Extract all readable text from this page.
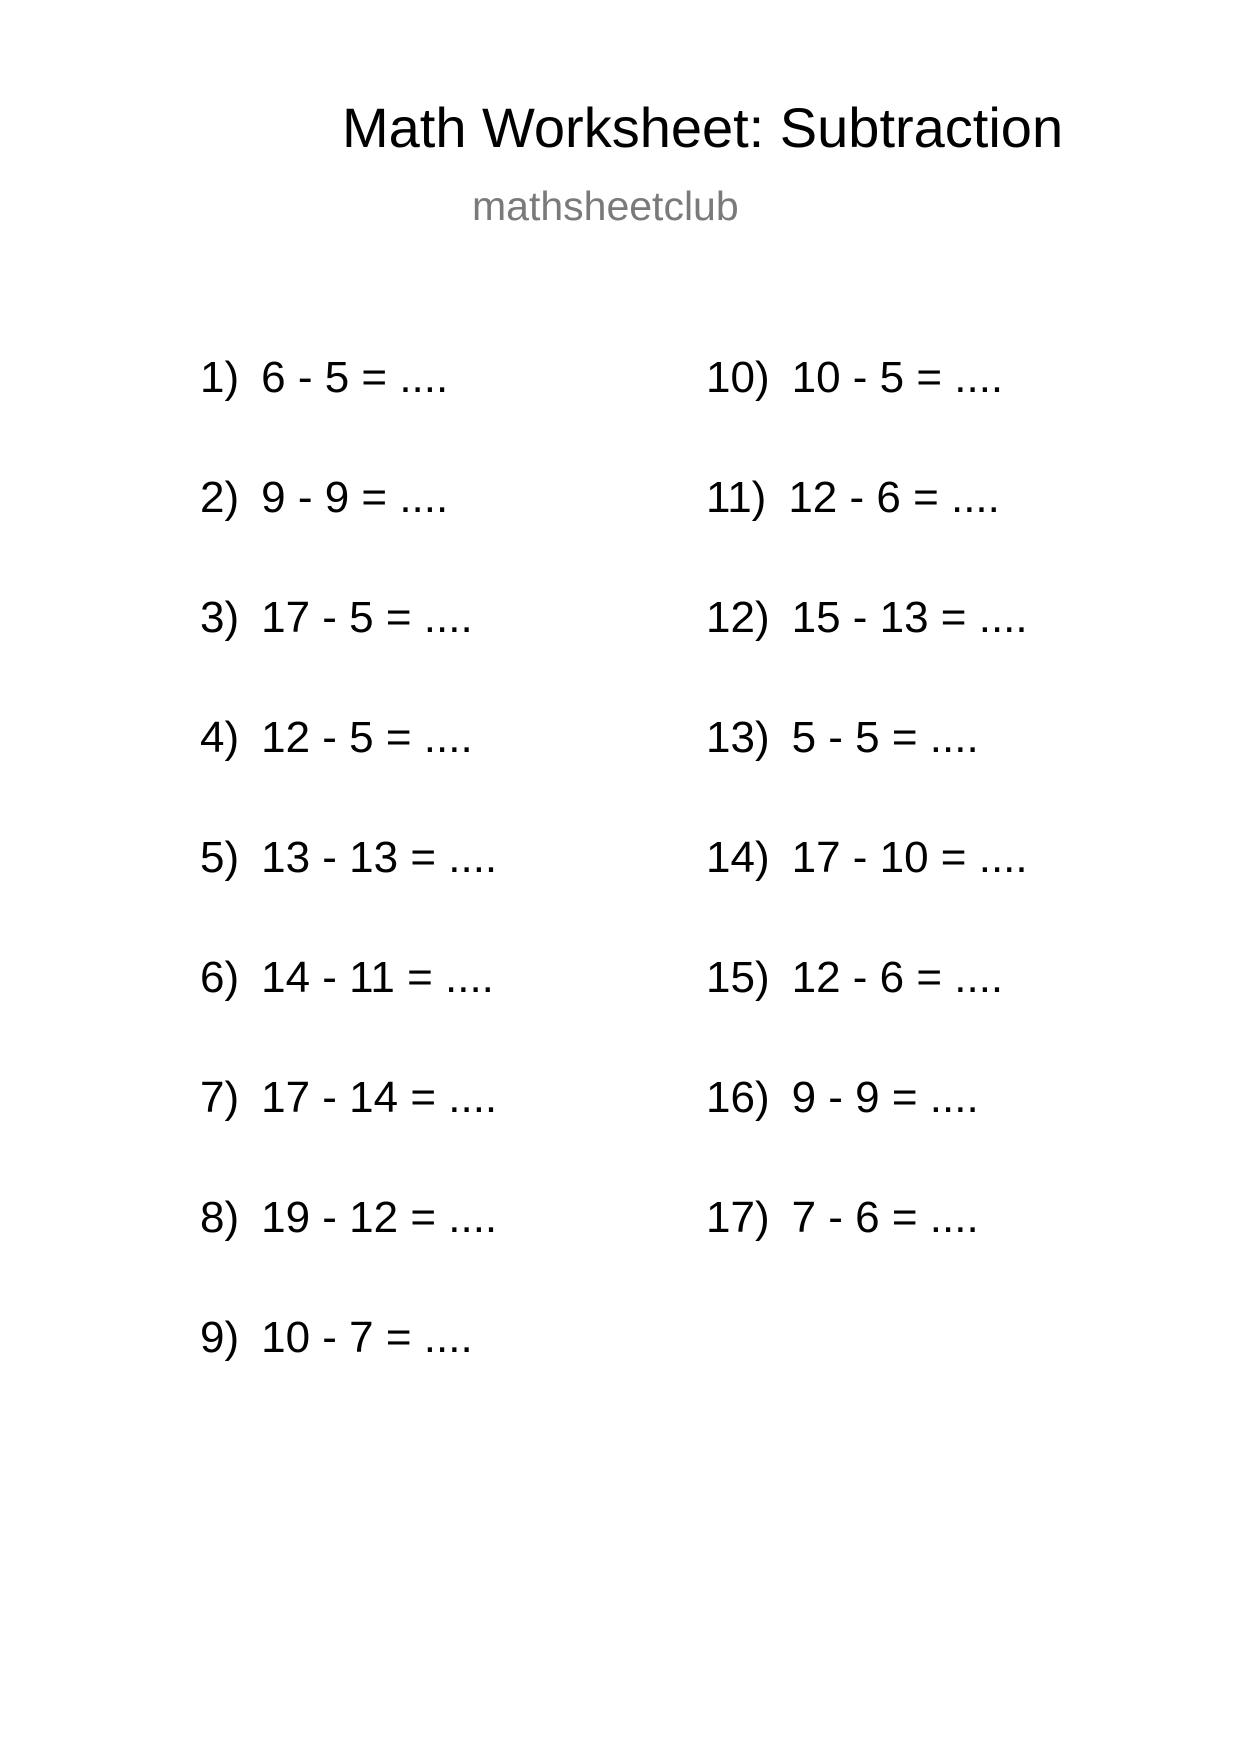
Math Worksheet: Subtraction
mathsheetclub
1) 6 - 5 = ....
2) 9 - 9 = ....
3) 17 - 5 = ....
4) 12 - 5 = ....
5) 13 - 13 = ....
6) 14 - 11 = ....
7) 17 - 14 = ....
8) 19 - 12 = ....
9) 10 - 7 = ....
10) 10 - 5 = ....
11) 12 - 6 = ....
12) 15 - 13 = ....
13) 5 - 5 = ....
14) 17 - 10 = ....
15) 12 - 6 = ....
16) 9 - 9 = ....
17) 7 - 6 = ....
